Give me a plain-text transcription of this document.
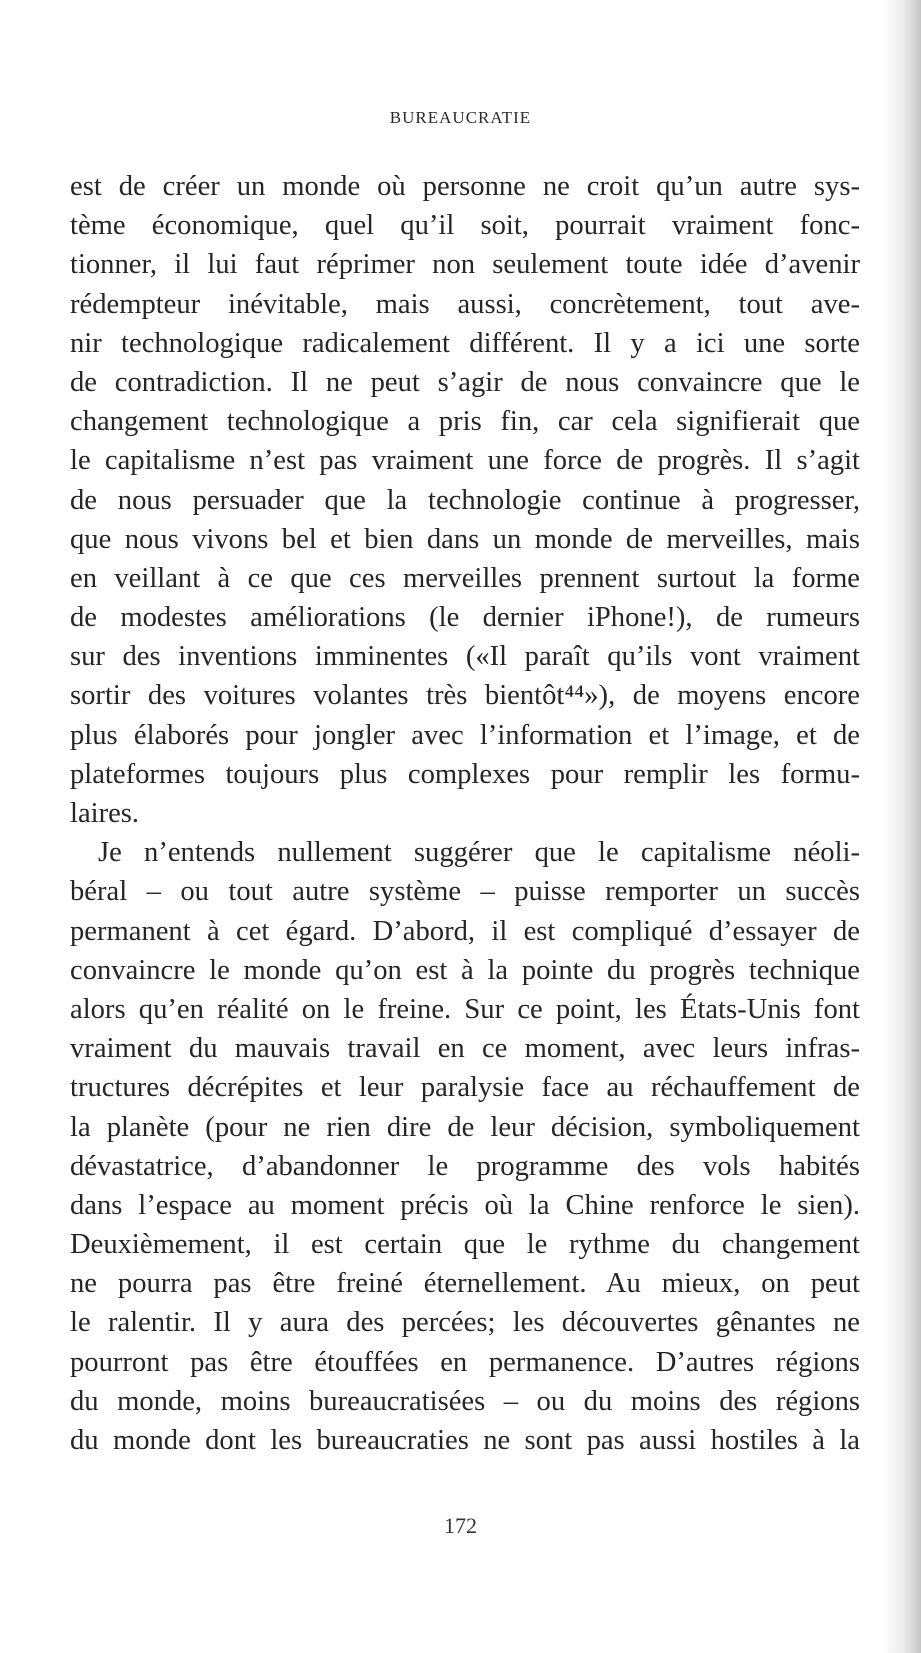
BUREAUCRATIE
est de créer un monde où personne ne croit qu’un autre sys-
tème économique, quel qu’il soit, pourrait vraiment fonc-
tionner, il lui faut réprimer non seulement toute idée d’avenir
rédempteur inévitable, mais aussi, concrètement, tout ave-
nir technologique radicalement différent. Il y a ici une sorte
de contradiction. Il ne peut s’agir de nous convaincre que le
changement technologique a pris fin, car cela signifierait que
le capitalisme n’est pas vraiment une force de progrès. Il s’agit
de nous persuader que la technologie continue à progresser,
que nous vivons bel et bien dans un monde de merveilles, mais
en veillant à ce que ces merveilles prennent surtout la forme
de modestes améliorations (le dernier iPhone!), de rumeurs
sur des inventions imminentes («Il paraît qu’ils vont vraiment
sortir des voitures volantes très bientôt⁴⁴»), de moyens encore
plus élaborés pour jongler avec l’information et l’image, et de
plateformes toujours plus complexes pour remplir les formu-
laires.
Je n’entends nullement suggérer que le capitalisme néoli-
béral – ou tout autre système – puisse remporter un succès
permanent à cet égard. D’abord, il est compliqué d’essayer de
convaincre le monde qu’on est à la pointe du progrès technique
alors qu’en réalité on le freine. Sur ce point, les États-Unis font
vraiment du mauvais travail en ce moment, avec leurs infras-
tructures décrépites et leur paralysie face au réchauffement de
la planète (pour ne rien dire de leur décision, symboliquement
dévastatrice, d’abandonner le programme des vols habités
dans l’espace au moment précis où la Chine renforce le sien).
Deuxièmement, il est certain que le rythme du changement
ne pourra pas être freiné éternellement. Au mieux, on peut
le ralentir. Il y aura des percées; les découvertes gênantes ne
pourront pas être étouffées en permanence. D’autres régions
du monde, moins bureaucratisées – ou du moins des régions
du monde dont les bureaucraties ne sont pas aussi hostiles à la
172
